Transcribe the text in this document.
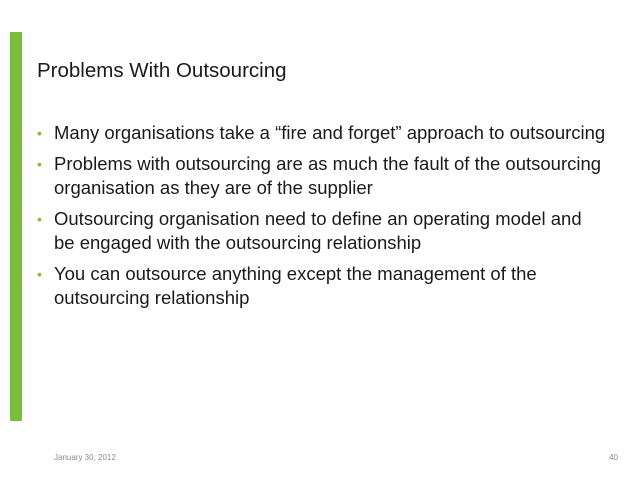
Problems With Outsourcing
• Many organisations take a “fire and forget” approach to outsourcing
• Problems with outsourcing are as much the fault of the outsourcing organisation as they are of the supplier
• Outsourcing organisation need to define an operating model and be engaged with the outsourcing relationship
• You can outsource anything except the management of the outsourcing relationship
January 30, 2012	40
